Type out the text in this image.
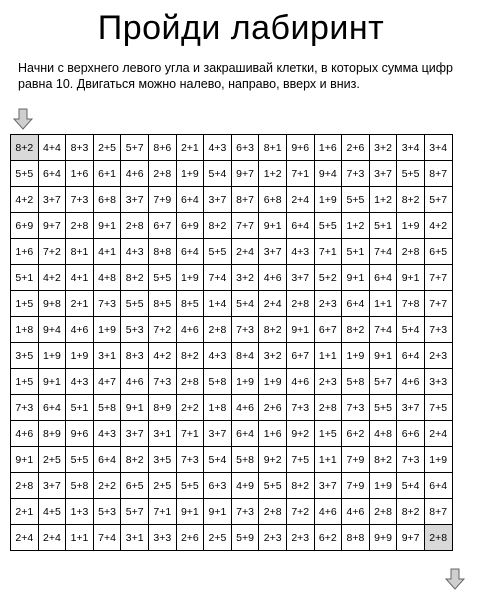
Пройди лабиринт
Начни с верхнего левого угла и закрашивай клетки, в которых сумма цифр равна 10. Двигаться можно налево, направо, вверх и вниз.
8+2	4+4	8+3	2+5	5+7	8+6	2+1	4+3	6+3	8+1	9+6	1+6	2+6	3+2	3+4	3+4
5+5	6+4	1+6	6+1	4+6	2+8	1+9	5+4	9+7	1+2	7+1	9+4	7+3	3+7	5+5	8+7
4+2	3+7	7+3	6+8	3+7	7+9	6+4	3+7	8+7	6+8	2+4	1+9	5+5	1+2	8+2	5+7
6+9	9+7	2+8	9+1	2+8	6+7	6+9	8+2	7+7	9+1	6+4	5+5	1+2	5+1	1+9	4+2
1+6	7+2	8+1	4+1	4+3	8+8	6+4	5+5	2+4	3+7	4+3	7+1	5+1	7+4	2+8	6+5
5+1	4+2	4+1	4+8	8+2	5+5	1+9	7+4	3+2	4+6	3+7	5+2	9+1	6+4	9+1	7+7
1+5	9+8	2+1	7+3	5+5	8+5	8+5	1+4	5+4	2+4	2+8	2+3	6+4	1+1	7+8	7+7
1+8	9+4	4+6	1+9	5+3	7+2	4+6	2+8	7+3	8+2	9+1	6+7	8+2	7+4	5+4	7+3
3+5	1+9	1+9	3+1	8+3	4+2	8+2	4+3	8+4	3+2	6+7	1+1	1+9	9+1	6+4	2+3
1+5	9+1	4+3	4+7	4+6	7+3	2+8	5+8	1+9	1+9	4+6	2+3	5+8	5+7	4+6	3+3
7+3	6+4	5+1	5+8	9+1	8+9	2+2	1+8	4+6	2+6	7+3	2+8	7+3	5+5	3+7	7+5
4+6	8+9	9+6	4+3	3+7	3+1	7+1	3+7	6+4	1+6	9+2	1+5	6+2	4+8	6+6	2+4
9+1	2+5	5+5	6+4	8+2	3+5	7+3	5+4	5+8	9+2	7+5	1+1	7+9	8+2	7+3	1+9
2+8	3+7	5+8	2+2	6+5	2+5	5+5	6+3	4+9	5+5	8+2	3+7	7+9	1+9	5+4	6+4
2+1	4+5	1+3	5+3	5+7	7+1	9+1	9+1	7+3	2+8	7+2	4+6	4+6	2+8	8+2	8+7
2+4	2+4	1+1	7+4	3+1	3+3	2+6	2+5	5+9	2+3	2+3	6+2	8+8	9+9	9+7	2+8
